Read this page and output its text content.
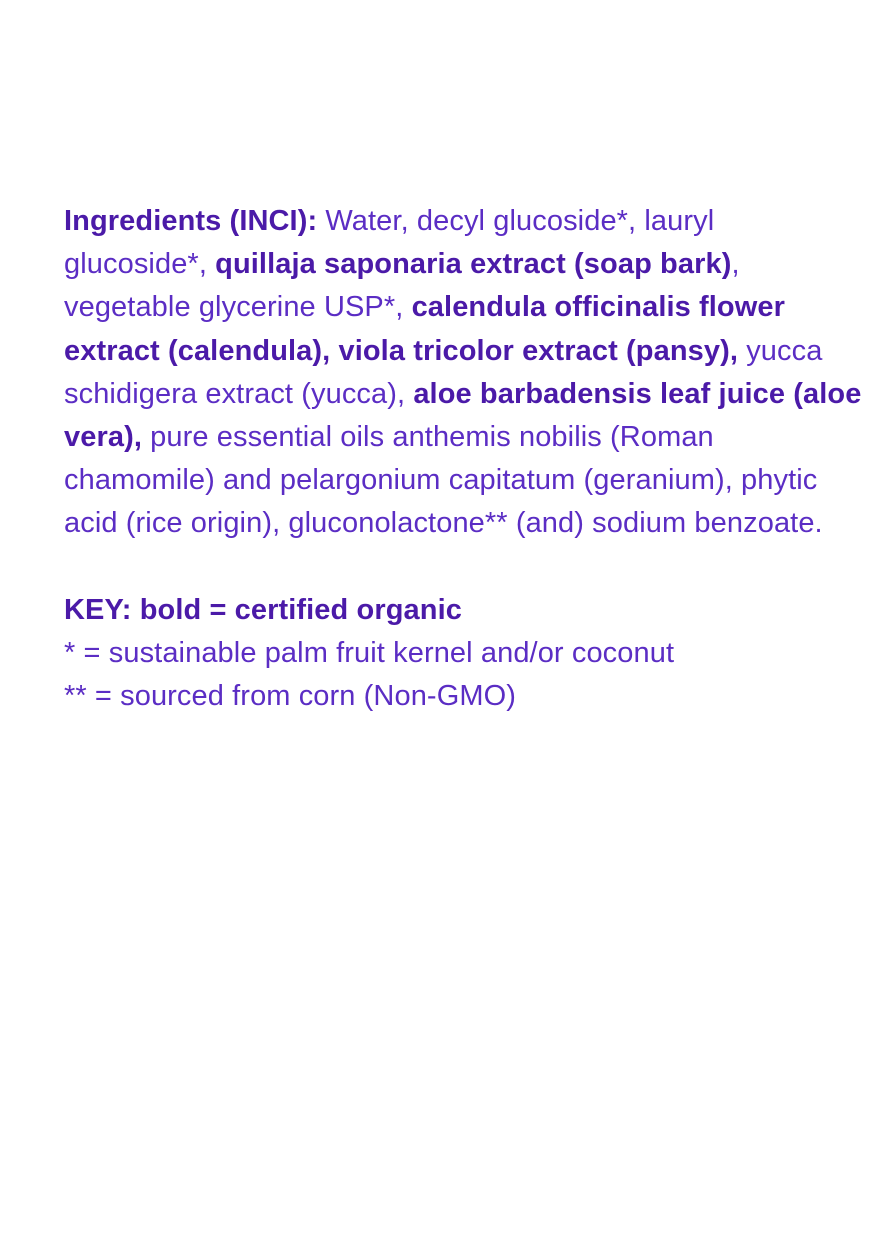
Ingredients (INCI): Water, decyl glucoside*, lauryl glucoside*, quillaja saponaria extract (soap bark), vegetable glycerine USP*, calendula officinalis flower extract (calendula), viola tricolor extract (pansy), yucca schidigera extract (yucca), aloe barbadensis leaf juice (aloe vera), pure essential oils anthemis nobilis (Roman chamomile) and pelargonium capitatum (geranium), phytic acid (rice origin), gluconolactone** (and) sodium benzoate.

KEY: bold = certified organic
* = sustainable palm fruit kernel and/or coconut
** = sourced from corn (Non-GMO)
